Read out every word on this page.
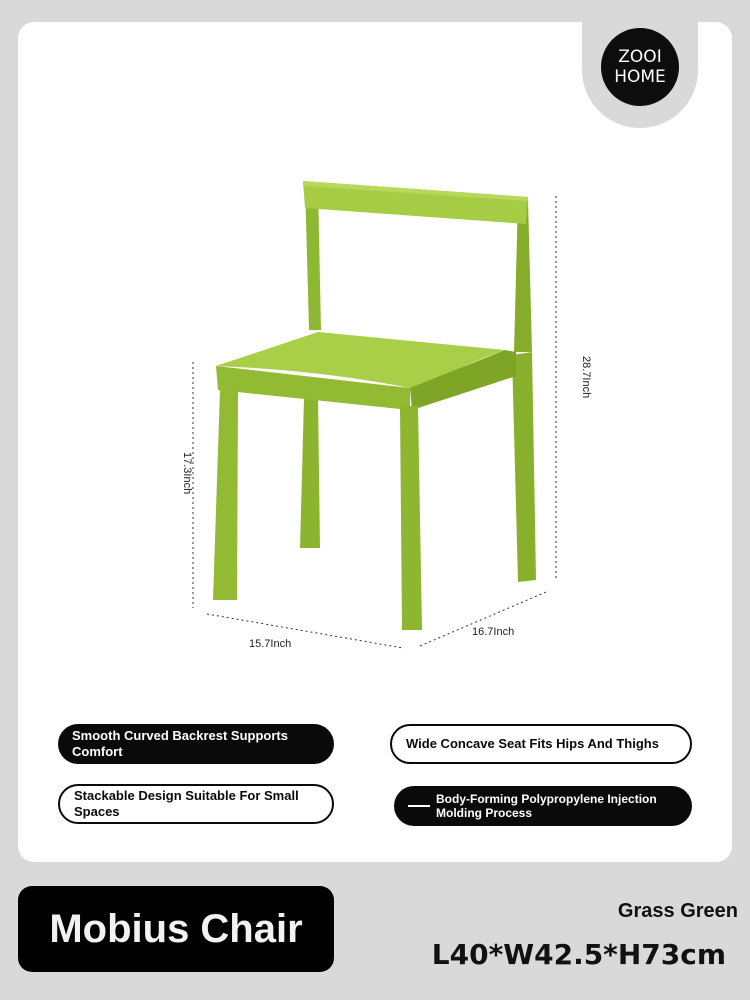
ZOOI
HOME
28.7Inch
17.3Inch
15.7Inch
16.7Inch
Smooth Curved Backrest Supports Comfort
Wide Concave Seat Fits Hips And Thighs
Stackable Design Suitable For Small Spaces
Body-Forming Polypropylene Injection Molding Process
Mobius Chair	Grass Green
L40*W42.5*H73cm
